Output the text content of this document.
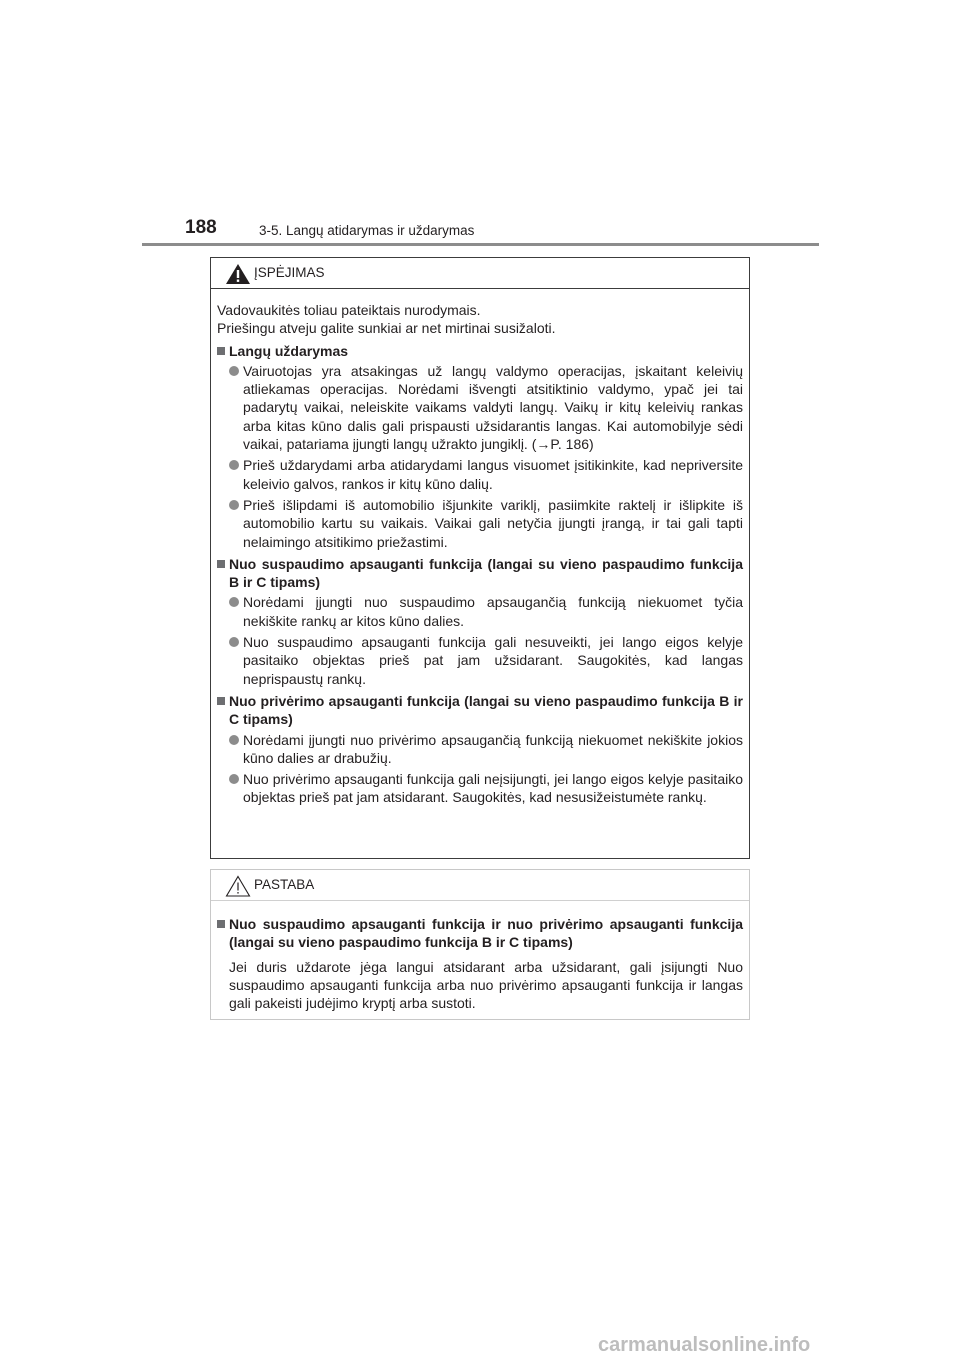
188	3-5. Langų atidarymas ir uždarymas
ĮSPĖJIMAS

Vadovaukitės toliau pateiktais nurodymais.

Priešingu atveju galite sunkiai ar net mirtinai susižaloti.

Langų uždarymas
Vairuotojas yra atsakingas už langų valdymo operacijas, įskaitant keleivių atliekamas operacijas. Norėdami išvengti atsitiktinio valdymo, ypač jei tai padarytų vaikai, neleiskite vaikams valdyti langų. Vaikų ir kitų keleivių rankas arba kitas kūno dalis gali prispausti užsidarantis langas. Kai automobilyje sėdi vaikai, patariama įjungti langų užrakto jungiklį. (→P. 186)
Prieš uždarydami arba atidarydami langus visuomet įsitikinkite, kad nepriversite keleivio galvos, rankos ir kitų kūno dalių.
Prieš išlipdami iš automobilio išjunkite variklį, pasiimkite raktelį ir išlipkite iš automobilio kartu su vaikais. Vaikai gali netyčia įjungti įrangą, ir tai gali tapti nelaimingo atsitikimo priežastimi.
Nuo suspaudimo apsauganti funkcija (langai su vieno paspaudimo funkcija B ir C tipams)
Norėdami įjungti nuo suspaudimo apsaugančią funkciją niekuomet tyčia nekiškite rankų ar kitos kūno dalies.
Nuo suspaudimo apsauganti funkcija gali nesuveikti, jei lango eigos kelyje pasitaiko objektas prieš pat jam užsidarant. Saugokitės, kad langas neprispaustų rankų.
Nuo privėrimo apsauganti funkcija (langai su vieno paspaudimo funkcija B ir C tipams)
Norėdami įjungti nuo privėrimo apsaugančią funkciją niekuomet nekiškite jokios kūno dalies ar drabužių.
Nuo privėrimo apsauganti funkcija gali neįsijungti, jei lango eigos kelyje pasitaiko objektas prieš pat jam atsidarant. Saugokitės, kad nesusižeistumėte rankų.
PASTABA
Nuo suspaudimo apsauganti funkcija ir nuo privėrimo apsauganti funkcija (langai su vieno paspaudimo funkcija B ir C tipams)
Jei duris uždarote jėga langui atsidarant arba užsidarant, gali įsijungti Nuo suspaudimo apsauganti funkcija arba nuo privėrimo apsauganti funkcija ir langas gali pakeisti judėjimo kryptį arba sustoti.
carmanualsonline.info
